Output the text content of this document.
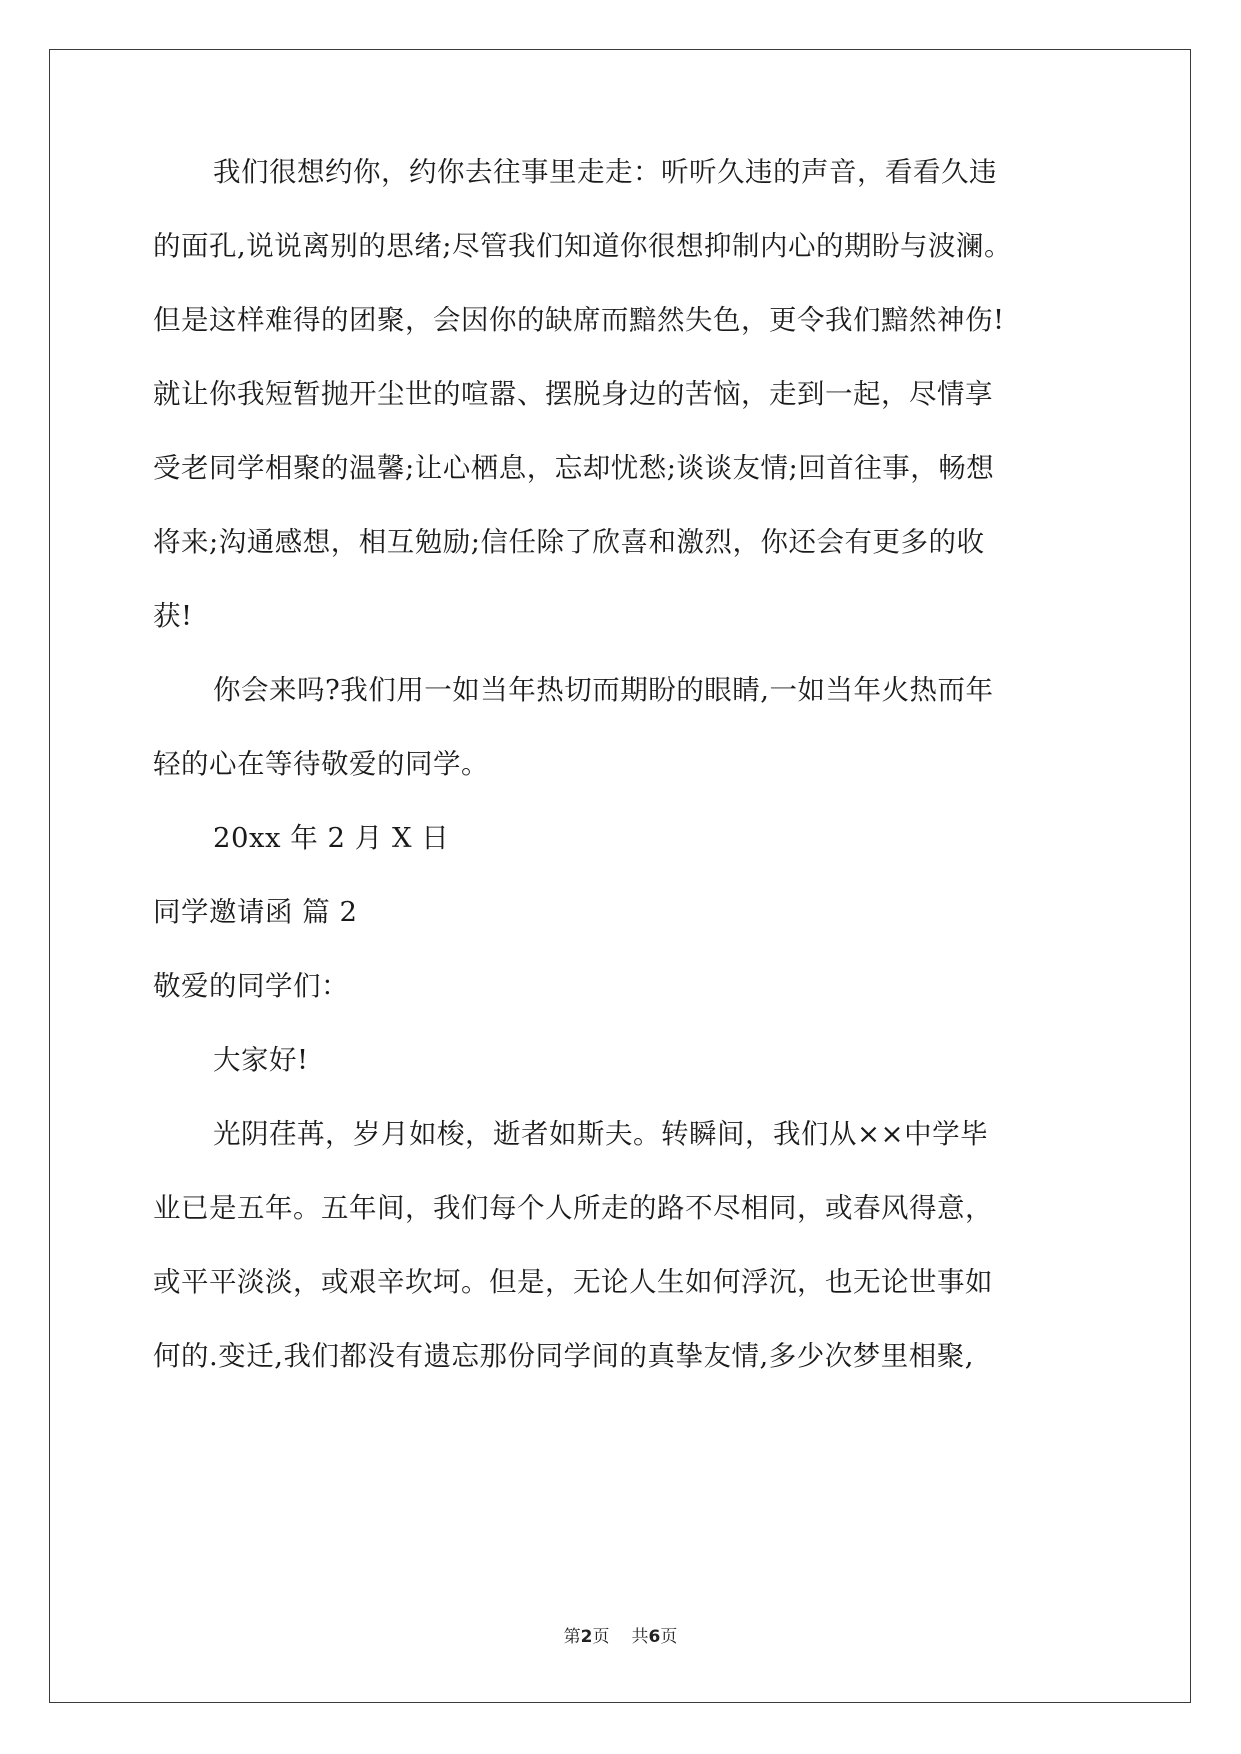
我们很想约你，约你去往事里走走：听听久违的声音，看看久违
的面孔,说说离别的思绪;尽管我们知道你很想抑制内心的期盼与波澜。
但是这样难得的团聚，会因你的缺席而黯然失色，更令我们黯然神伤!
就让你我短暂抛开尘世的喧嚣、摆脱身边的苦恼，走到一起，尽情享
受老同学相聚的温馨;让心栖息，忘却忧愁;谈谈友情;回首往事，畅想
将来;沟通感想，相互勉励;信任除了欣喜和激烈，你还会有更多的收
获!
你会来吗?我们用一如当年热切而期盼的眼睛,一如当年火热而年
轻的心在等待敬爱的同学。
20xx 年 2 月 X 日
同学邀请函 篇 2
敬爱的同学们：
大家好!
光阴荏苒，岁月如梭，逝者如斯夫。转瞬间，我们从××中学毕
业已是五年。五年间，我们每个人所走的路不尽相同，或春风得意，
或平平淡淡，或艰辛坎坷。但是，无论人生如何浮沉，也无论世事如
何的.变迁,我们都没有遗忘那份同学间的真挚友情,多少次梦里相聚,
第2页 共6页
